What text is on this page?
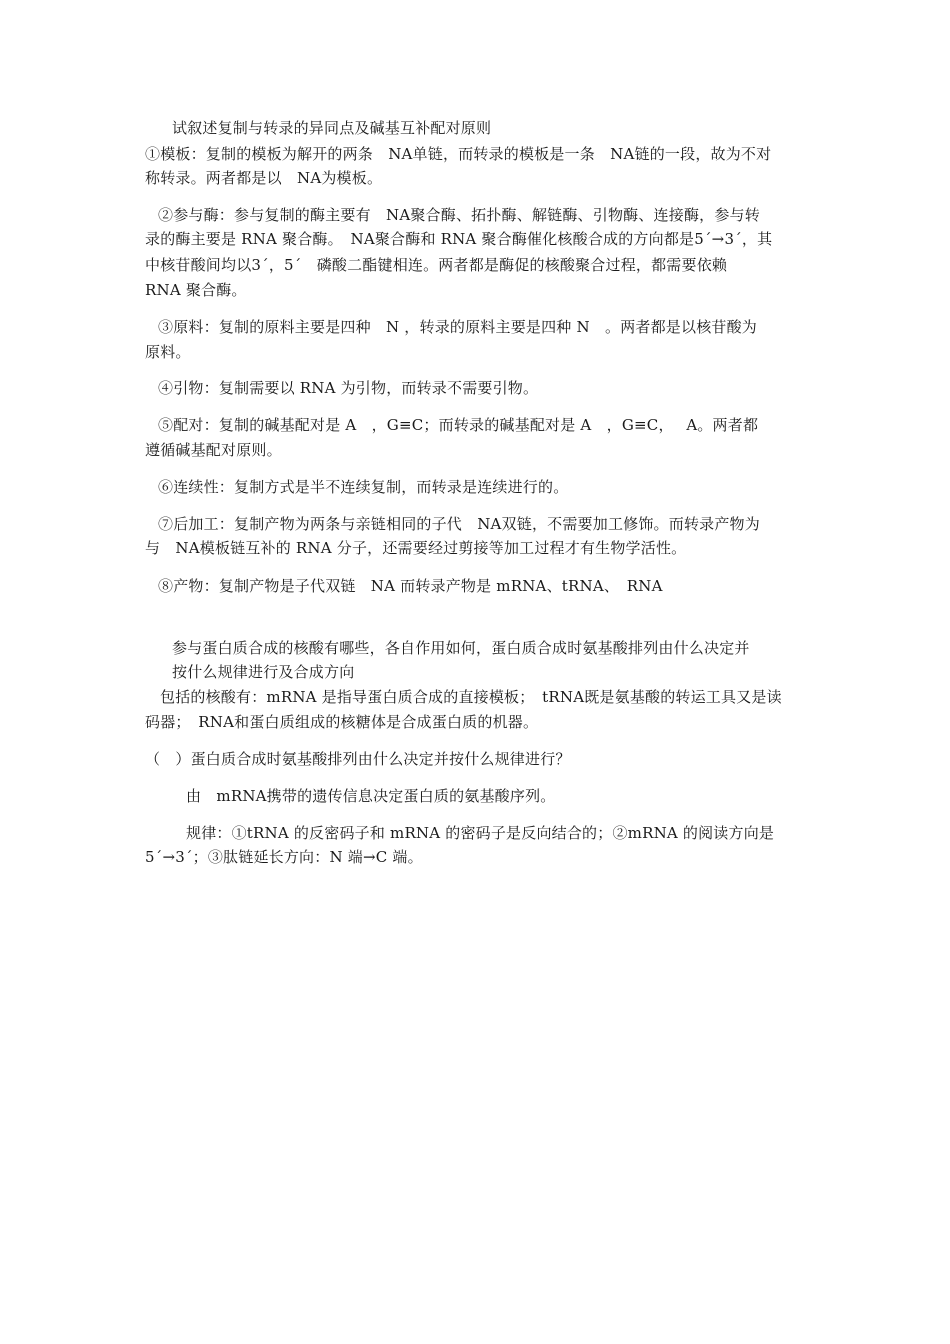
试叙述复制与转录的异同点及碱基互补配对原则
①模板：复制的模板为解开的两条　NA单链，而转录的模板是一条　NA链的一段，故为不对
称转录。两者都是以　NA为模板。
②参与酶：参与复制的酶主要有　NA聚合酶、拓扑酶、解链酶、引物酶、连接酶，参与转
录的酶主要是 RNA 聚合酶。　NA聚合酶和 RNA 聚合酶催化核酸合成的方向都是5ˊ→3ˊ，其
中核苷酸间均以3ˊ，5ˊ　磷酸二酯键相连。两者都是酶促的核酸聚合过程，都需要依赖
RNA 聚合酶。
③原料：复制的原料主要是四种　N ，转录的原料主要是四种 N　。两者都是以核苷酸为
原料。
④引物：复制需要以 RNA 为引物，而转录不需要引物。
⑤配对：复制的碱基配对是 A　，G≡C；而转录的碱基配对是 A　，G≡C，　 A。两者都
遵循碱基配对原则。
⑥连续性：复制方式是半不连续复制，而转录是连续进行的。
⑦后加工：复制产物为两条与亲链相同的子代　NA双链，不需要加工修饰。而转录产物为
与　NA模板链互补的 RNA 分子，还需要经过剪接等加工过程才有生物学活性。
⑧产物：复制产物是子代双链　NA 而转录产物是 mRNA、tRNA、　RNA
参与蛋白质合成的核酸有哪些，各自作用如何，蛋白质合成时氨基酸排列由什么决定并
按什么规律进行及合成方向
包括的核酸有：mRNA 是指导蛋白质合成的直接模板；　tRNA既是氨基酸的转运工具又是读
码器；　RNA和蛋白质组成的核糖体是合成蛋白质的机器。
（　）蛋白质合成时氨基酸排列由什么决定并按什么规律进行？
由　mRNA携带的遗传信息决定蛋白质的氨基酸序列。
规律：①tRNA 的反密码子和 mRNA 的密码子是反向结合的；②mRNA 的阅读方向是
5ˊ→3ˊ；③肽链延长方向：N 端→C 端。
